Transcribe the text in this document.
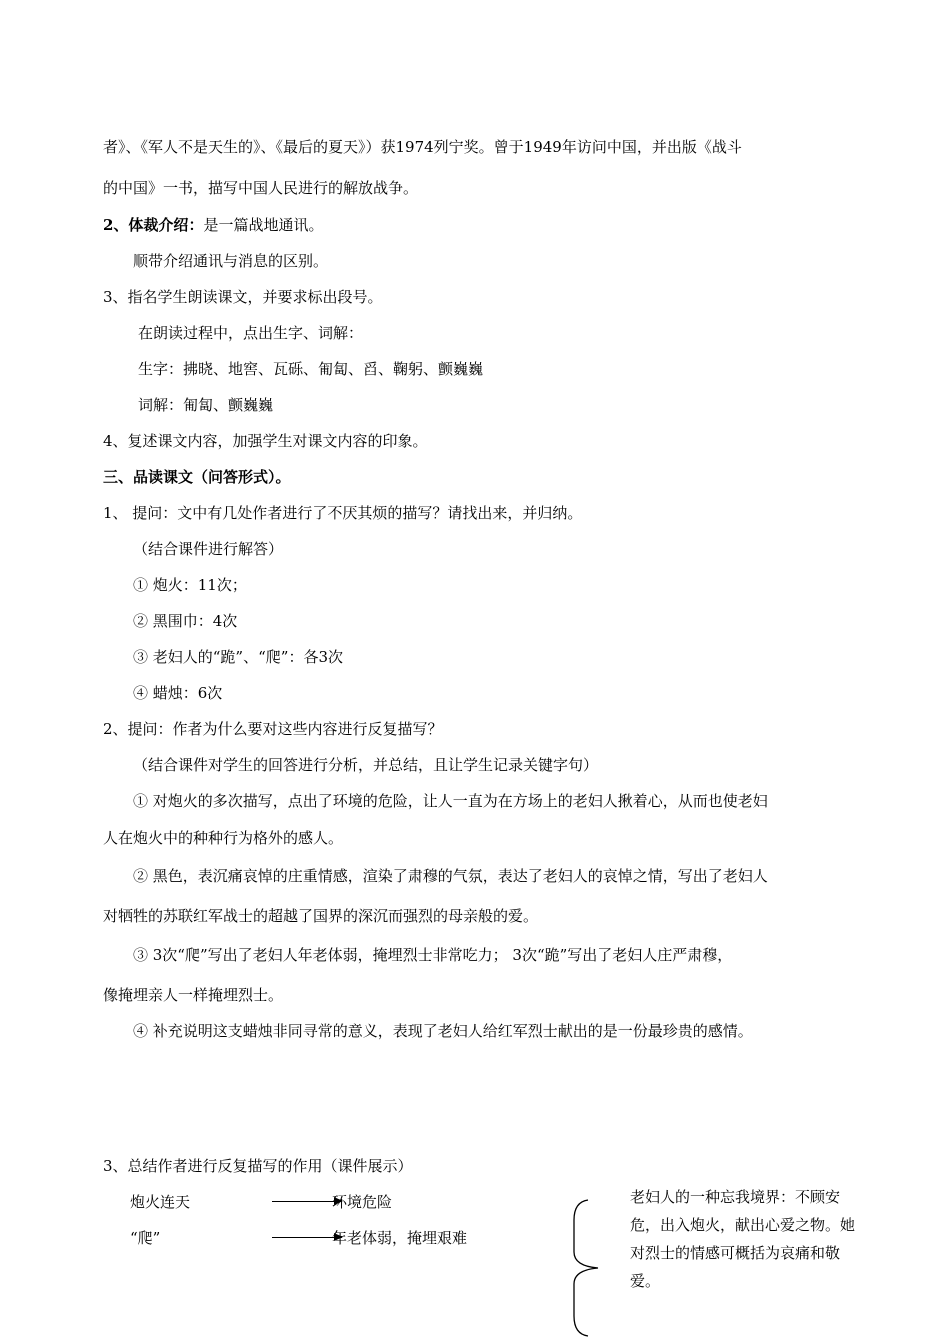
者》、《军人不是天生的》、《最后的夏天》）获1974列宁奖。曾于1949年访问中国，并出版《战斗
的中国》一书，描写中国人民进行的解放战争。
2、体裁介绍：是一篇战地通讯。
顺带介绍通讯与消息的区别。
3、指名学生朗读课文，并要求标出段号。
在朗读过程中，点出生字、词解：
生字：拂晓、地窖、瓦砾、匍匐、舀、鞠躬、颤巍巍
词解：匍匐、颤巍巍
4、复述课文内容，加强学生对课文内容的印象。
三、品读课文（问答形式）。
1、 提问：文中有几处作者进行了不厌其烦的描写？请找出来，并归纳。
（结合课件进行解答）
① 炮火：11次；
② 黑围巾：4次
③ 老妇人的“跪”、“爬”：各3次
④ 蜡烛：6次
2、提问：作者为什么要对这些内容进行反复描写？
（结合课件对学生的回答进行分析，并总结，且让学生记录关键字句）
① 对炮火的多次描写，点出了环境的危险，让人一直为在方场上的老妇人揪着心，从而也使老妇
人在炮火中的种种行为格外的感人。
② 黑色，表沉痛哀悼的庄重情感，渲染了肃穆的气氛，表达了老妇人的哀悼之情，写出了老妇人
对牺牲的苏联红军战士的超越了国界的深沉而强烈的母亲般的爱。
③ 3次“爬”写出了老妇人年老体弱，掩埋烈士非常吃力； 3次“跪”写出了老妇人庄严肃穆，
像掩埋亲人一样掩埋烈士。
④ 补充说明这支蜡烛非同寻常的意义，表现了老妇人给红军烈士献出的是一份最珍贵的感情。
3、总结作者进行反复描写的作用（课件展示）
炮火连天	环境危险
“爬”	年老体弱，掩埋艰难
老妇人的一种忘我境界：不顾安危，出入炮火，献出心爱之物。她对烈士的情感可概括为哀痛和敬爱。
